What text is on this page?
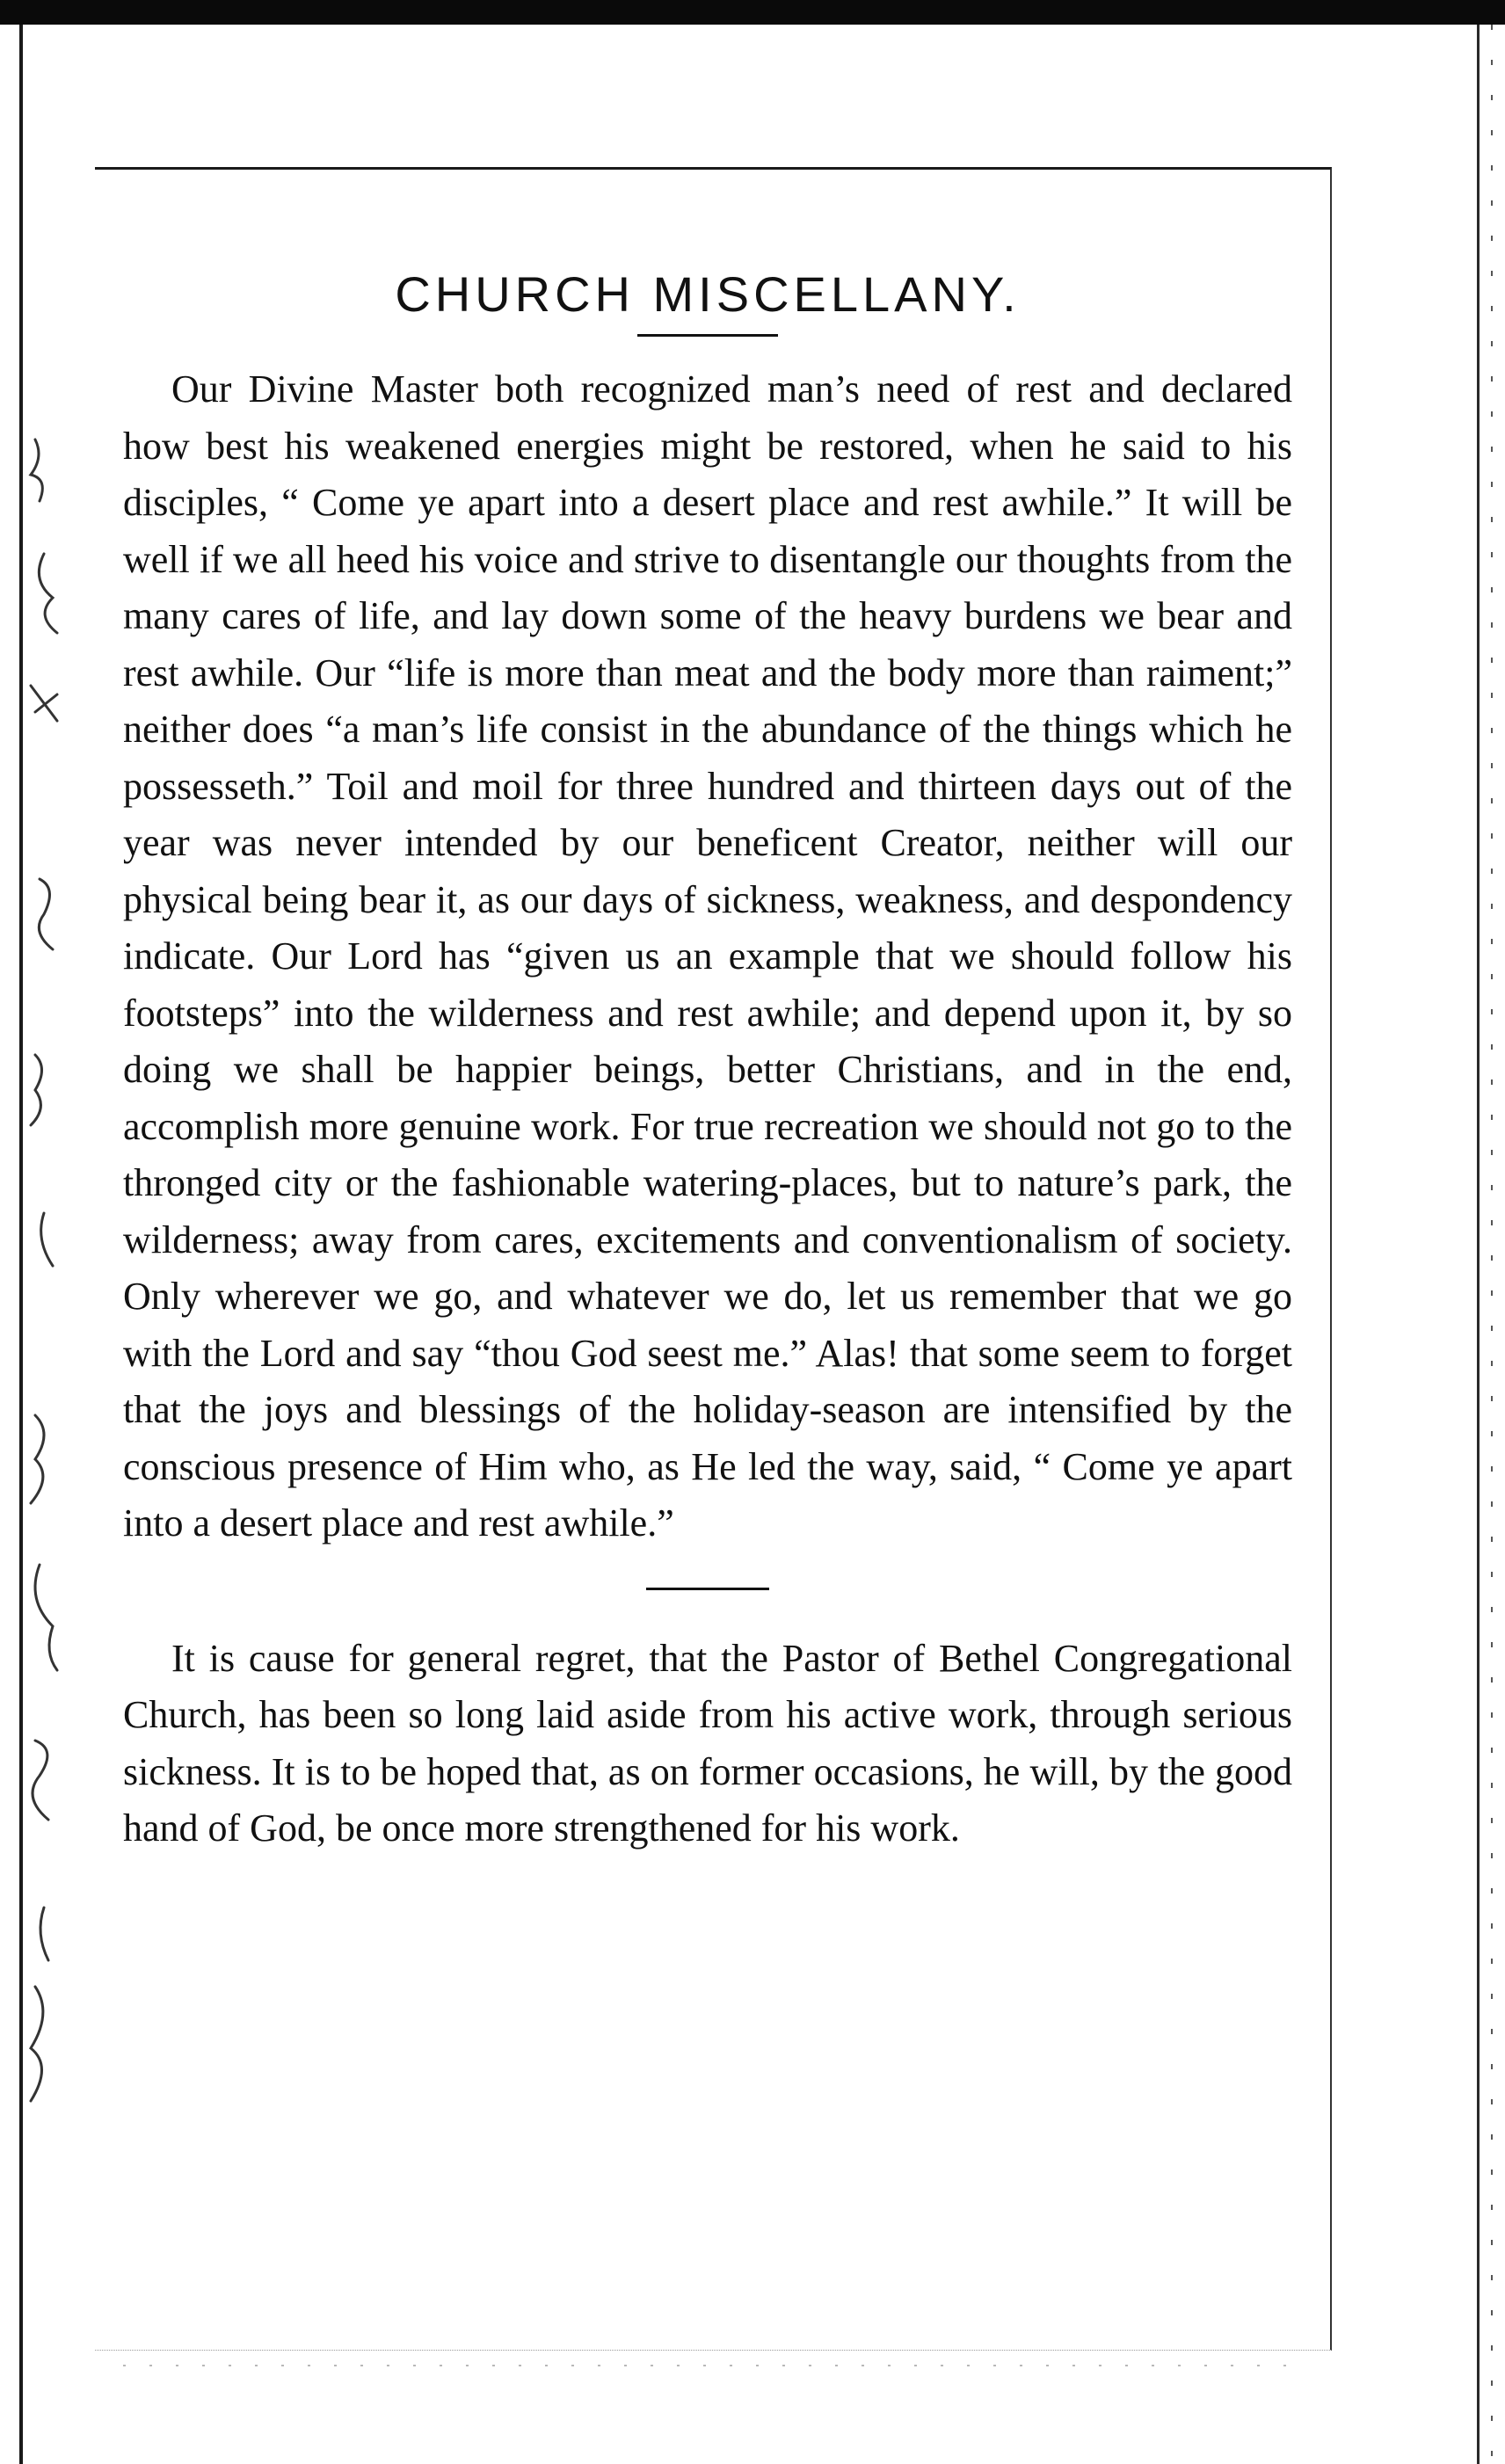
CHURCH MISCELLANY.

Our Divine Master both recognized man’s need of rest and declared how best his weakened energies might be restored, when he said to his disciples, “ Come ye apart into a desert place and rest awhile.” It will be well if we all heed his voice and strive to disentangle our thoughts from the many cares of life, and lay down some of the heavy burdens we bear and rest awhile. Our “life is more than meat and the body more than raiment;” neither does “a man’s life consist in the abundance of the things which he possesseth.” Toil and moil for three hundred and thirteen days out of the year was never intended by our beneficent Creator, neither will our physical being bear it, as our days of sickness, weakness, and despondency indicate. Our Lord has “given us an example that we should follow his footsteps” into the wilderness and rest awhile; and depend upon it, by so doing we shall be happier beings, better Christians, and in the end, accomplish more genuine work. For true recreation we should not go to the thronged city or the fashionable watering-places, but to nature’s park, the wilderness; away from cares, excitements and conventionalism of society. Only wherever we go, and whatever we do, let us remember that we go with the Lord and say “thou God seest me.” Alas! that some seem to forget that the joys and blessings of the holiday-season are intensified by the conscious presence of Him who, as He led the way, said, “ Come ye apart into a desert place and rest awhile.”

It is cause for general regret, that the Pastor of Bethel Congregational Church, has been so long laid aside from his active work, through serious sickness. It is to be hoped that, as on former occasions, he will, by the good hand of God, be once more strengthened for his work.
